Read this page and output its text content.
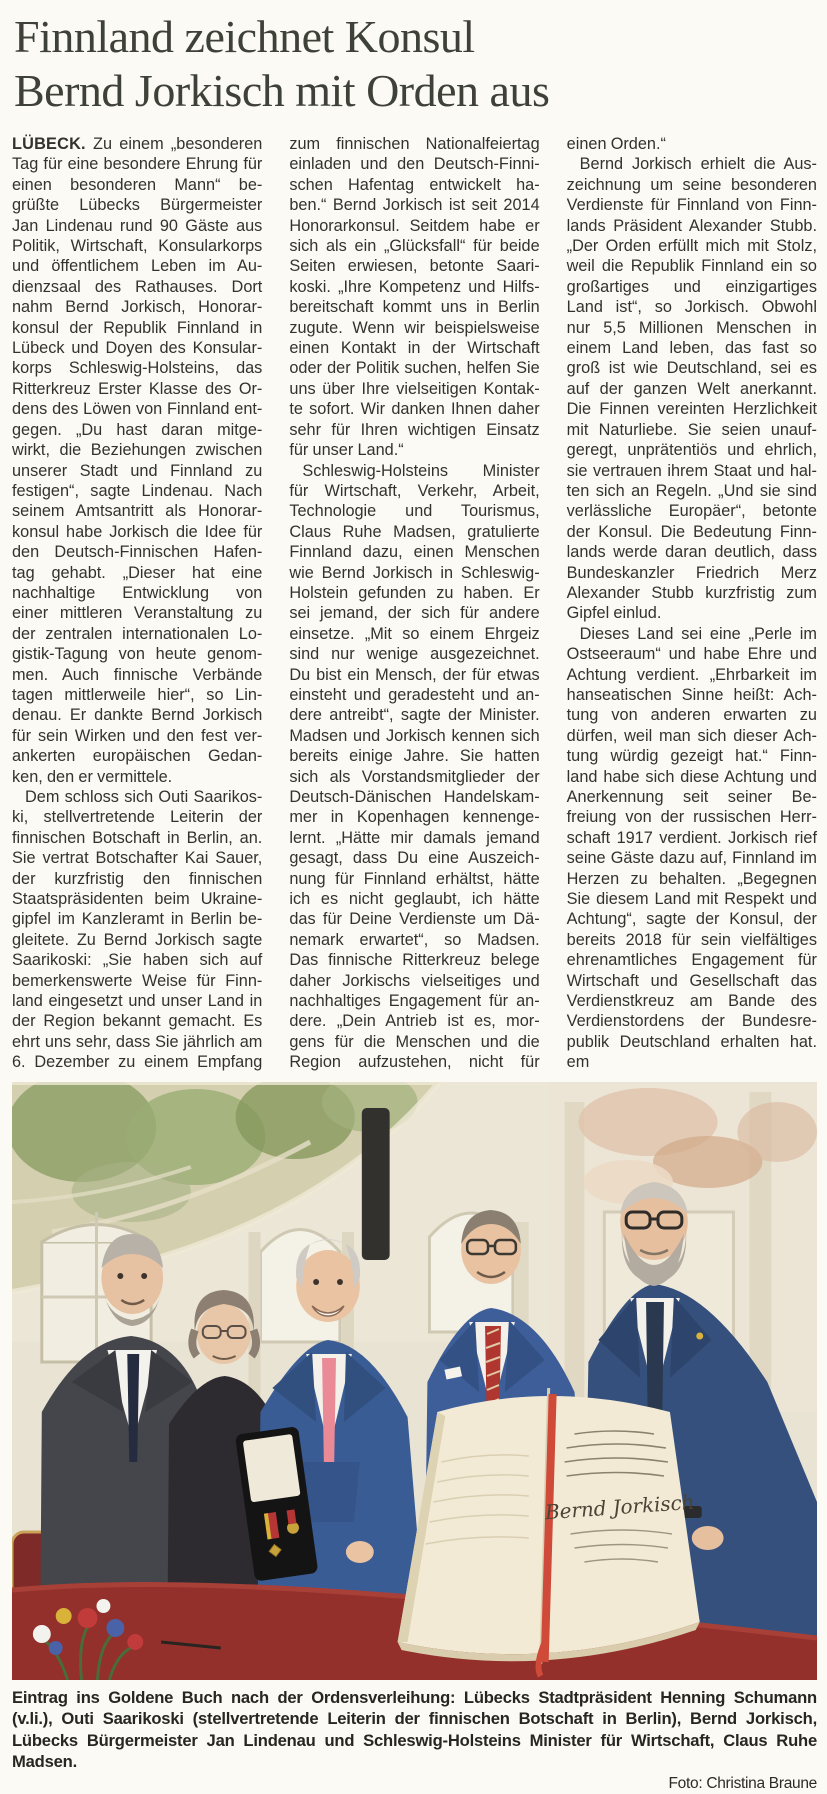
Finnland zeichnet Konsul
Bernd Jorkisch mit Orden aus
LÜBECK. Zu einem „besonderen
Tag für eine besondere Ehrung für
einen besonderen Mann“ be-
grüßte Lübecks Bürgermeister
Jan Lindenau rund 90 Gäste aus
Politik, Wirtschaft, Konsularkorps
und öffentlichem Leben im Au-
dienzsaal des Rathauses. Dort
nahm Bernd Jorkisch, Honorar-
konsul der Republik Finnland in
Lübeck und Doyen des Konsular-
korps Schleswig-Holsteins, das
Ritterkreuz Erster Klasse des Or-
dens des Löwen von Finnland ent-
gegen. „Du hast daran mitge-
wirkt, die Beziehungen zwischen
unserer Stadt und Finnland zu
festigen“, sagte Lindenau. Nach
seinem Amtsantritt als Honorar-
konsul habe Jorkisch die Idee für
den Deutsch-Finnischen Hafen-
tag gehabt. „Dieser hat eine
nachhaltige Entwicklung von
einer mittleren Veranstaltung zu
der zentralen internationalen Lo-
gistik-Tagung von heute genom-
men. Auch finnische Verbände
tagen mittlerweile hier“, so Lin-
denau. Er dankte Bernd Jorkisch
für sein Wirken und den fest ver-
ankerten europäischen Gedan-
ken, den er vermittele.
Dem schloss sich Outi Saarikos-
ki, stellvertretende Leiterin der
finnischen Botschaft in Berlin, an.
Sie vertrat Botschafter Kai Sauer,
der kurzfristig den finnischen
Staatspräsidenten beim Ukraine-
gipfel im Kanzleramt in Berlin be-
gleitete. Zu Bernd Jorkisch sagte
Saarikoski: „Sie haben sich auf
bemerkenswerte Weise für Finn-
land eingesetzt und unser Land in
der Region bekannt gemacht. Es
ehrt uns sehr, dass Sie jährlich am
6. Dezember zu einem Empfang
zum finnischen Nationalfeiertag
einladen und den Deutsch-Finni-
schen Hafentag entwickelt ha-
ben.“ Bernd Jorkisch ist seit 2014
Honorarkonsul. Seitdem habe er
sich als ein „Glücksfall“ für beide
Seiten erwiesen, betonte Saari-
koski. „Ihre Kompetenz und Hilfs-
bereitschaft kommt uns in Berlin
zugute. Wenn wir beispielsweise
einen Kontakt in der Wirtschaft
oder der Politik suchen, helfen Sie
uns über Ihre vielseitigen Kontak-
te sofort. Wir danken Ihnen daher
sehr für Ihren wichtigen Einsatz
für unser Land.“
Schleswig-Holsteins Minister
für Wirtschaft, Verkehr, Arbeit,
Technologie und Tourismus,
Claus Ruhe Madsen, gratulierte
Finnland dazu, einen Menschen
wie Bernd Jorkisch in Schleswig-
Holstein gefunden zu haben. Er
sei jemand, der sich für andere
einsetze. „Mit so einem Ehrgeiz
sind nur wenige ausgezeichnet.
Du bist ein Mensch, der für etwas
einsteht und geradesteht und an-
dere antreibt“, sagte der Minister.
Madsen und Jorkisch kennen sich
bereits einige Jahre. Sie hatten
sich als Vorstandsmitglieder der
Deutsch-Dänischen Handelskam-
mer in Kopenhagen kennenge-
lernt. „Hätte mir damals jemand
gesagt, dass Du eine Auszeich-
nung für Finnland erhältst, hätte
ich es nicht geglaubt, ich hätte
das für Deine Verdienste um Dä-
nemark erwartet“, so Madsen.
Das finnische Ritterkreuz belege
daher Jorkischs vielseitiges und
nachhaltiges Engagement für an-
dere. „Dein Antrieb ist es, mor-
gens für die Menschen und die
Region aufzustehen, nicht für
einen Orden.“
Bernd Jorkisch erhielt die Aus-
zeichnung um seine besonderen
Verdienste für Finnland von Finn-
lands Präsident Alexander Stubb.
„Der Orden erfüllt mich mit Stolz,
weil die Republik Finnland ein so
großartiges und einzigartiges
Land ist“, so Jorkisch. Obwohl
nur 5,5 Millionen Menschen in
einem Land leben, das fast so
groß ist wie Deutschland, sei es
auf der ganzen Welt anerkannt.
Die Finnen vereinten Herzlichkeit
mit Naturliebe. Sie seien unauf-
geregt, unprätentiös und ehrlich,
sie vertrauen ihrem Staat und hal-
ten sich an Regeln. „Und sie sind
verlässliche Europäer“, betonte
der Konsul. Die Bedeutung Finn-
lands werde daran deutlich, dass
Bundeskanzler Friedrich Merz
Alexander Stubb kurzfristig zum
Gipfel einlud.
Dieses Land sei eine „Perle im
Ostseeraum“ und habe Ehre und
Achtung verdient. „Ehrbarkeit im
hanseatischen Sinne heißt: Ach-
tung von anderen erwarten zu
dürfen, weil man sich dieser Ach-
tung würdig gezeigt hat.“ Finn-
land habe sich diese Achtung und
Anerkennung seit seiner Be-
freiung von der russischen Herr-
schaft 1917 verdient. Jorkisch rief
seine Gäste dazu auf, Finnland im
Herzen zu behalten. „Begegnen
Sie diesem Land mit Respekt und
Achtung“, sagte der Konsul, der
bereits 2018 für sein vielfältiges
ehrenamtliches Engagement für
Wirtschaft und Gesellschaft das
Verdienstkreuz am Bande des
Verdienstordens der Bundesre-
publik Deutschland erhalten hat.
em
Bernd Jorkisch
Eintrag ins Goldene Buch nach der Ordensverleihung: Lübecks Stadtpräsident Henning Schumann (v.li.), Outi Saarikoski (stellvertretende Leiterin der finnischen Botschaft in Berlin), Bernd Jorkisch, Lübecks Bürgermeister Jan Lindenau und Schleswig-Holsteins Minister für Wirtschaft, Claus Ruhe Madsen.
Foto: Christina Braune
